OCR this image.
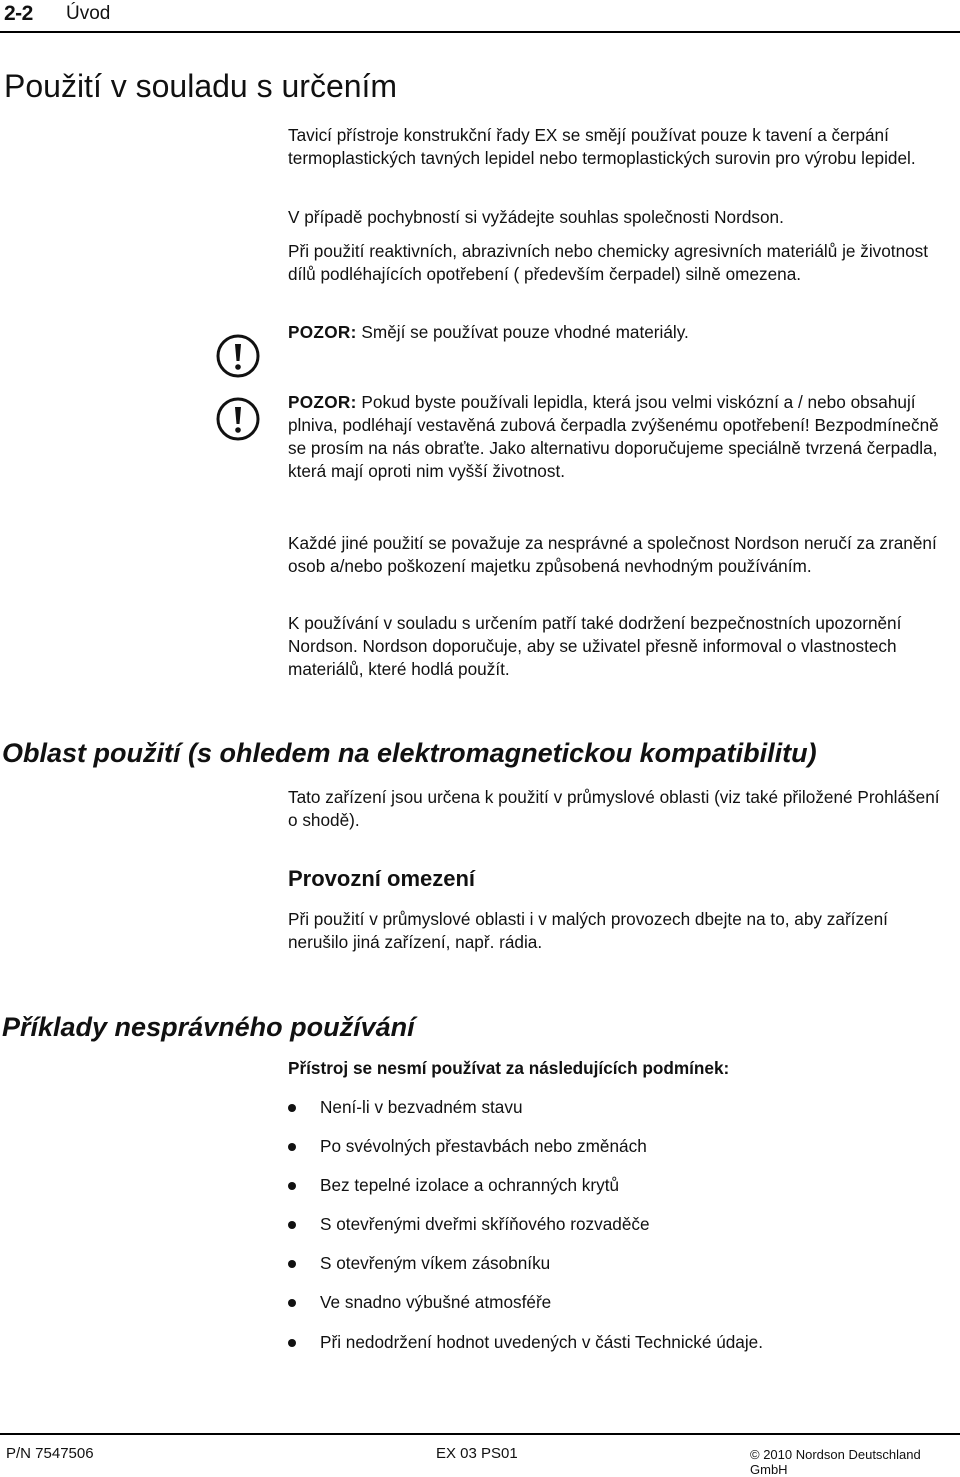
2-2 Úvod
Použití v souladu s určením

Tavicí přístroje konstrukční řady EX se smějí používat pouze k tavení a čerpání termoplastických tavných lepidel nebo termoplastických surovin pro výrobu lepidel.

V případě pochybností si vyžádejte souhlas společnosti Nordson.

Při použití reaktivních, abrazivních nebo chemicky agresivních materiálů je životnost dílů podléhajících opotřebení ( především čerpadel) silně omezena.

POZOR: Smějí se používat pouze vhodné materiály.

POZOR: Pokud byste používali lepidla, která jsou velmi viskózní a / nebo obsahují plniva, podléhají vestavěná zubová čerpadla zvýšenému opotřebení! Bezpodmínečně se prosím na nás obraťte. Jako alternativu doporučujeme speciálně tvrzená čerpadla, která mají oproti nim vyšší životnost.

Každé jiné použití se považuje za nesprávné a společnost Nordson neručí za zranění osob a/nebo poškození majetku způsobená nevhodným používáním.

K používání v souladu s určením patří také dodržení bezpečnostních upozornění Nordson. Nordson doporučuje, aby se uživatel přesně informoval o vlastnostech materiálů, které hodlá použít.

Oblast použití (s ohledem na elektromagnetickou kompatibilitu)

Tato zařízení jsou určena k použití v průmyslové oblasti (viz také přiložené Prohlášení o shodě).

Provozní omezení

Při použití v průmyslové oblasti i v malých provozech dbejte na to, aby zařízení nerušilo jiná zařízení, např. rádia.

Příklady nesprávného používání
Přístroj se nesmí používat za následujících podmínek:
Není-li v bezvadném stavu
Po svévolných přestavbách nebo změnách
Bez tepelné izolace a ochranných krytů
S otevřenými dveřmi skříňového rozvaděče
S otevřeným víkem zásobníku
Ve snadno výbušné atmosféře
Při nedodržení hodnot uvedených v části Technické údaje.
P/N 7547506	EX 03 PS01	© 2010 Nordson Deutschland GmbH
